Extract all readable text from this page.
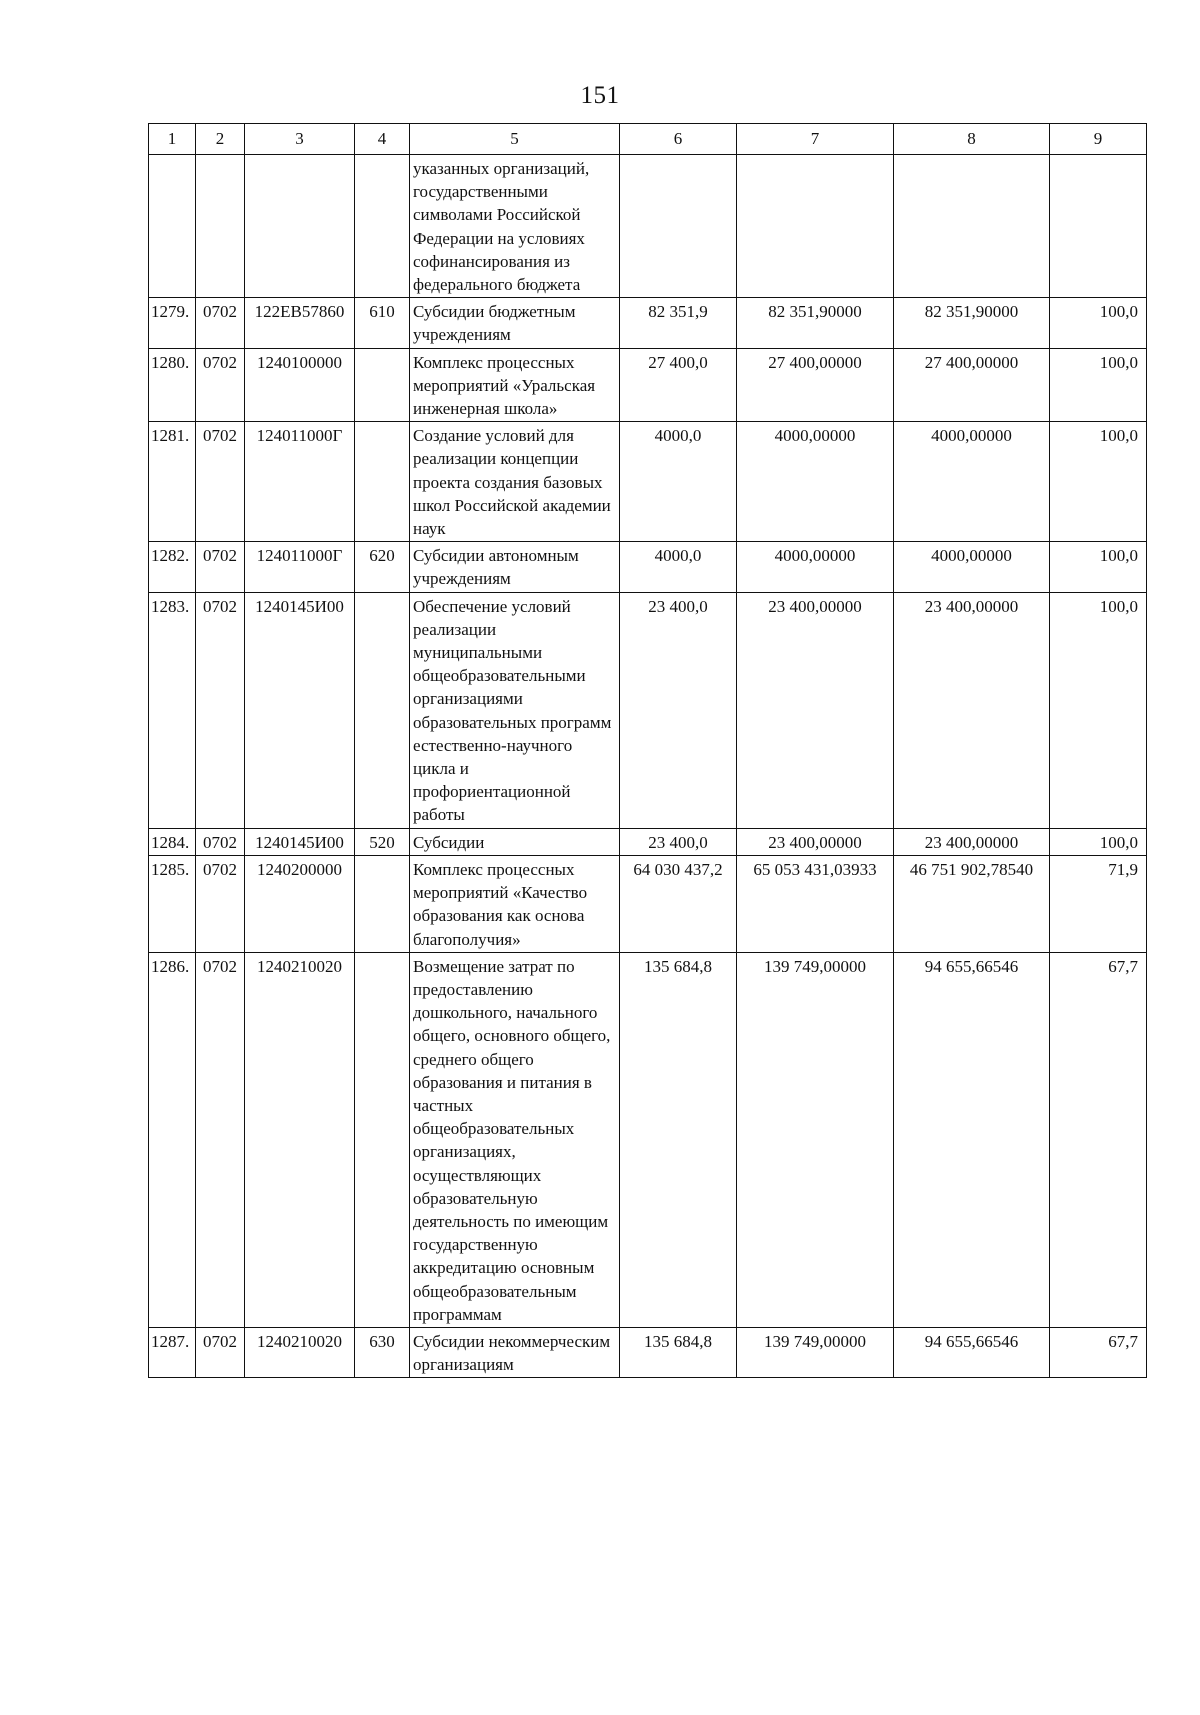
151
1	2	3	4	5	6	7	8	9
				указанных организаций, государственными символами Российской Федерации на условиях софинансирования из федерального бюджета				
1279.	0702	122ЕВ57860	610	Субсидии бюджетным учреждениям	82 351,9	82 351,90000	82 351,90000	100,0
1280.	0702	1240100000		Комплекс процессных мероприятий «Уральская инженерная школа»	27 400,0	27 400,00000	27 400,00000	100,0
1281.	0702	124011000Г		Создание условий для реализации концепции проекта создания базовых школ Российской академии наук	4000,0	4000,00000	4000,00000	100,0
1282.	0702	124011000Г	620	Субсидии автономным учреждениям	4000,0	4000,00000	4000,00000	100,0
1283.	0702	1240145И00		Обеспечение условий реализации муниципальными общеобразовательными организациями образовательных программ естественно-научного цикла и профориентационной работы	23 400,0	23 400,00000	23 400,00000	100,0
1284.	0702	1240145И00	520	Субсидии	23 400,0	23 400,00000	23 400,00000	100,0
1285.	0702	1240200000		Комплекс процессных мероприятий «Качество образования как основа благополучия»	64 030 437,2	65 053 431,03933	46 751 902,78540	71,9
1286.	0702	1240210020		Возмещение затрат по предоставлению дошкольного, начального общего, основного общего, среднего общего образования и питания в частных общеобразовательных организациях, осуществляющих образовательную деятельность по имеющим государственную аккредитацию основным общеобразовательным программам	135 684,8	139 749,00000	94 655,66546	67,7
1287.	0702	1240210020	630	Субсидии некоммерческим организациям	135 684,8	139 749,00000	94 655,66546	67,7
